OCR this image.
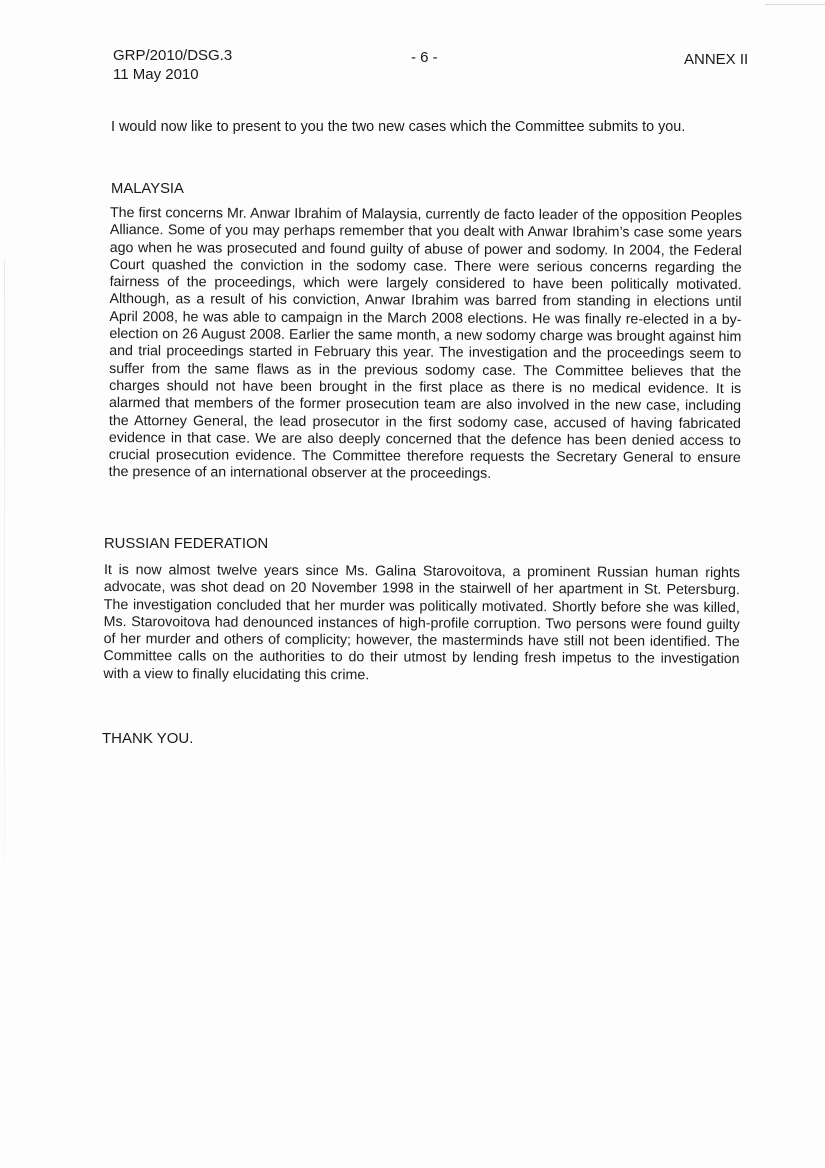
GRP/2010/DSG.3
11 May 2010
- 6 -	ANNEX II
I would now like to present to you the two new cases which the Committee submits to you.
MALAYSIA
The first concerns Mr. Anwar Ibrahim of Malaysia, currently de facto leader of the opposition Peoples Alliance. Some of you may perhaps remember that you dealt with Anwar Ibrahim’s case some years ago when he was prosecuted and found guilty of abuse of power and sodomy. In 2004, the Federal Court quashed the conviction in the sodomy case. There were serious concerns regarding the fairness of the proceedings, which were largely considered to have been politically motivated. Although, as a result of his conviction, Anwar Ibrahim was barred from standing in elections until April 2008, he was able to campaign in the March 2008 elections. He was finally re-elected in a by-election on 26 August 2008. Earlier the same month, a new sodomy charge was brought against him and trial proceedings started in February this year. The investigation and the proceedings seem to suffer from the same flaws as in the previous sodomy case. The Committee believes that the charges should not have been brought in the first place as there is no medical evidence. It is alarmed that members of the former prosecution team are also involved in the new case, including the Attorney General, the lead prosecutor in the first sodomy case, accused of having fabricated evidence in that case. We are also deeply concerned that the defence has been denied access to crucial prosecution evidence. The Committee therefore requests the Secretary General to ensure the presence of an international observer at the proceedings.
RUSSIAN FEDERATION
It is now almost twelve years since Ms. Galina Starovoitova, a prominent Russian human rights advocate, was shot dead on 20 November 1998 in the stairwell of her apartment in St. Petersburg. The investigation concluded that her murder was politically motivated. Shortly before she was killed, Ms. Starovoitova had denounced instances of high-profile corruption. Two persons were found guilty of her murder and others of complicity; however, the masterminds have still not been identified. The Committee calls on the authorities to do their utmost by lending fresh impetus to the investigation with a view to finally elucidating this crime.
THANK YOU.
